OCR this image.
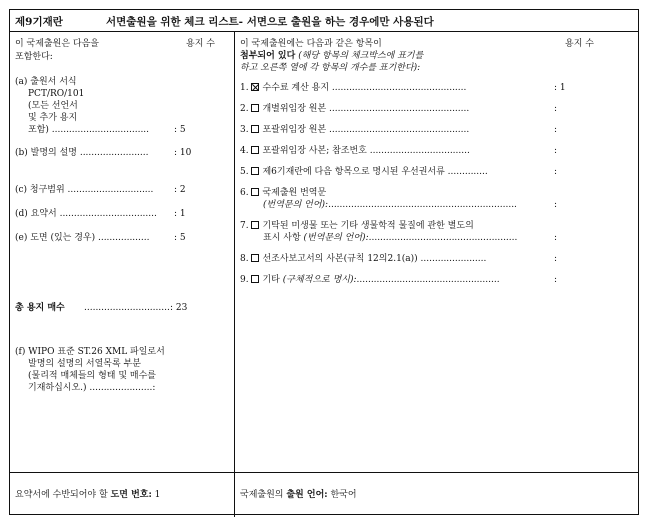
제9기재란	서면출원을 위한 체크 리스트- 서면으로 출원을 하는 경우에만 사용된다
이 국제출원은 다음을
포함한다:
용지 수
(a) 출원서 서식
PCT/RO/101
(모든 선언서
및 추가 용지
포함) ..................................	: 5
(b) 발명의 설명 ........................	: 10
(c) 청구범위 .............................. : 2
(d) 요약서 .................................. : 1
(e) 도면 (있는 경우) ..................	: 5
총 용지 매수 .............................. : 23
(f) WIPO 표준 ST.26 XML 파일로서
발명의 설명의 서열목록 부분
(물리적 매체들의 형태 및 매수를
기재하십시오.) ......................:
이 국제출원에는 다음과 같은 항목이	용지 수
첨부되어 있다 (해당 항목의 체크박스에 표기를
하고 오른쪽 열에 각 항목의 개수를 표기한다):
1. 수수료 계산 용지 ...............................................	: 1
2. 개별위임장 원본 .................................................	:
3. 포괄위임장 원본 .................................................	:
4. 포괄위임장 사본; 참조번호 ...................................	:
5. 제6기재란에 다음 항목으로 명시된 우선권서류 ..............	:
6. 국제출원 번역문
(번역문의 언어):..................................................................	:
7. 기탁된 미생물 또는 기타 생물학적 물질에 관한 별도의
표시 사항 (번역문의 언어):....................................................	:
8. 선조사보고서의 사본(규칙 12의2.1(a)) .......................	:
9. 기타 (구체적으로 명시):..................................................	:
요약서에 수반되어야 할 도면 번호: 1	국제출원의 출원 언어: 한국어
